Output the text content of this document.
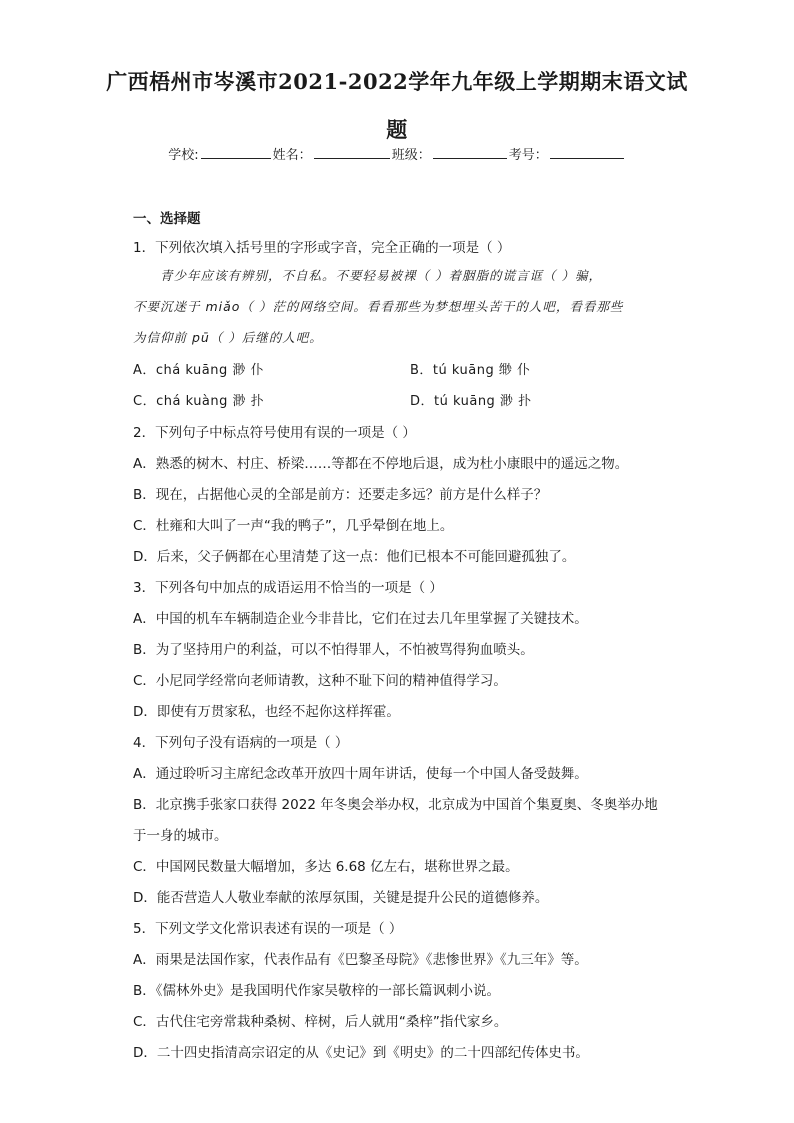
广西梧州市岑溪市2021-2022学年九年级上学期期末语文试
题
学校:	姓名：	班级：	考号：
一、选择题
1．下列依次填入括号里的字形或字音，完全正确的一项是（ ）
青少年应该有辨别，不自私。不要轻易被裸（ ）着胭脂的谎言诓（ ）骗，
不要沉迷于 miǎo（ ）茫的网络空间。看看那些为梦想埋头苦干的人吧，看看那些
为信仰前 pū（ ）后继的人吧。
A．chá kuāng 渺 仆	B．tú kuāng 缈 仆
C．chá kuàng 渺 扑	D．tú kuāng 渺 扑
2．下列句子中标点符号使用有误的一项是（ ）
A．熟悉的树木、村庄、桥梁……等都在不停地后退，成为杜小康眼中的遥远之物。
B．现在，占据他心灵的全部是前方：还要走多远？前方是什么样子？
C．杜雍和大叫了一声“我的鸭子”，几乎晕倒在地上。
D．后来，父子俩都在心里清楚了这一点：他们已根本不可能回避孤独了。
3．下列各句中加点的成语运用不恰当的一项是（ ）
A．中国的机车车辆制造企业今非昔比，它们在过去几年里掌握了关键技术。
B．为了坚持用户的利益，可以不怕得罪人，不怕被骂得狗血喷头。
C．小尼同学经常向老师请教，这种不耻下问的精神值得学习。
D．即使有万贯家私，也经不起你这样挥霍。
4．下列句子没有语病的一项是（ ）
A．通过聆听习主席纪念改革开放四十周年讲话，使每一个中国人备受鼓舞。
B．北京携手张家口获得 2022 年冬奥会举办权，北京成为中国首个集夏奥、冬奥举办地
于一身的城市。
C．中国网民数量大幅增加，多达 6.68 亿左右，堪称世界之最。
D．能否营造人人敬业奉献的浓厚氛围，关键是提升公民的道德修养。
5．下列文学文化常识表述有误的一项是（ ）
A．雨果是法国作家，代表作品有《巴黎圣母院》《悲惨世界》《九三年》等。
B．《儒林外史》是我国明代作家吴敬梓的一部长篇讽刺小说。
C．古代住宅旁常栽种桑树、梓树，后人就用“桑梓”指代家乡。
D．二十四史指清高宗诏定的从《史记》到《明史》的二十四部纪传体史书。
